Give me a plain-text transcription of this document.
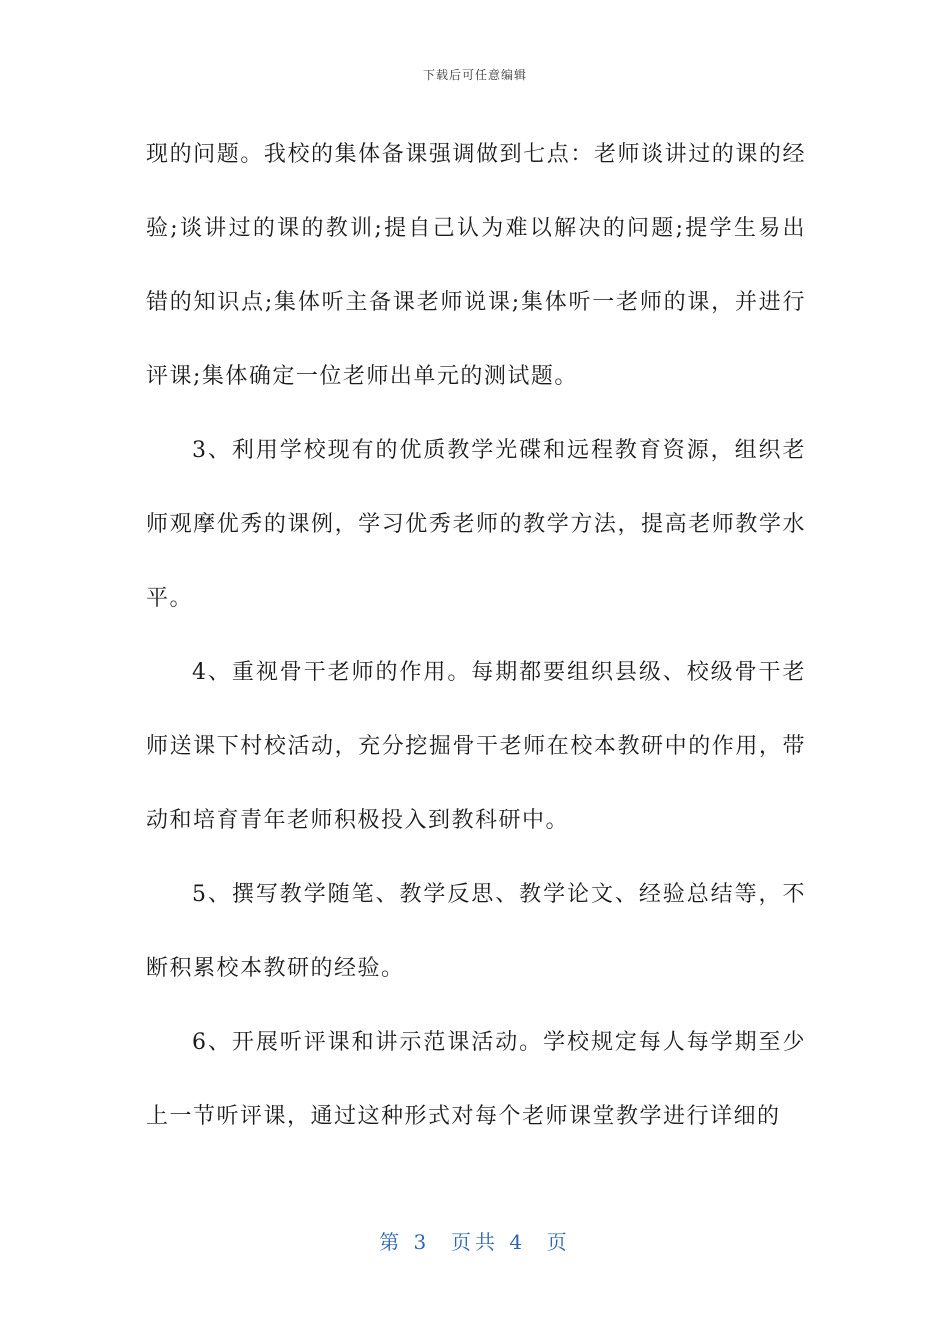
下载后可任意编辑

现的问题。我校的集体备课强调做到七点：老师谈讲过的课的经验;谈讲过的课的教训;提自己认为难以解决的问题;提学生易出错的知识点;集体听主备课老师说课;集体听一老师的课，并进行评课;集体确定一位老师出单元的测试题。

3、利用学校现有的优质教学光碟和远程教育资源，组织老师观摩优秀的课例，学习优秀老师的教学方法，提高老师教学水平。

4、重视骨干老师的作用。每期都要组织县级、校级骨干老师送课下村校活动，充分挖掘骨干老师在校本教研中的作用，带动和培育青年老师积极投入到教科研中。

5、撰写教学随笔、教学反思、教学论文、经验总结等，不断积累校本教研的经验。

6、开展听评课和讲示范课活动。学校规定每人每学期至少上一节听评课，通过这种形式对每个老师课堂教学进行详细的

第 3  页共 4  页
